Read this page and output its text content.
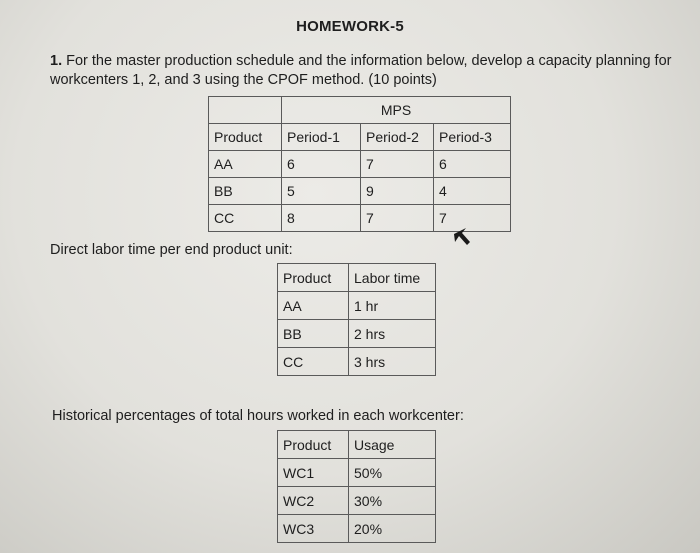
HOMEWORK-5
1. For the master production schedule and the information below, develop a capacity planning for workcenters 1, 2, and 3 using the CPOF method. (10 points)
	MPS		
Product	Period-1	Period-2	Period-3
AA	6	7	6
BB	5	9	4
CC	8	7	7
Direct labor time per end product unit:
Product	Labor time
AA	1 hr
BB	2 hrs
CC	3 hrs
Historical percentages of total hours worked in each workcenter:
Product	Usage
WC1	50%
WC2	30%
WC3	20%
